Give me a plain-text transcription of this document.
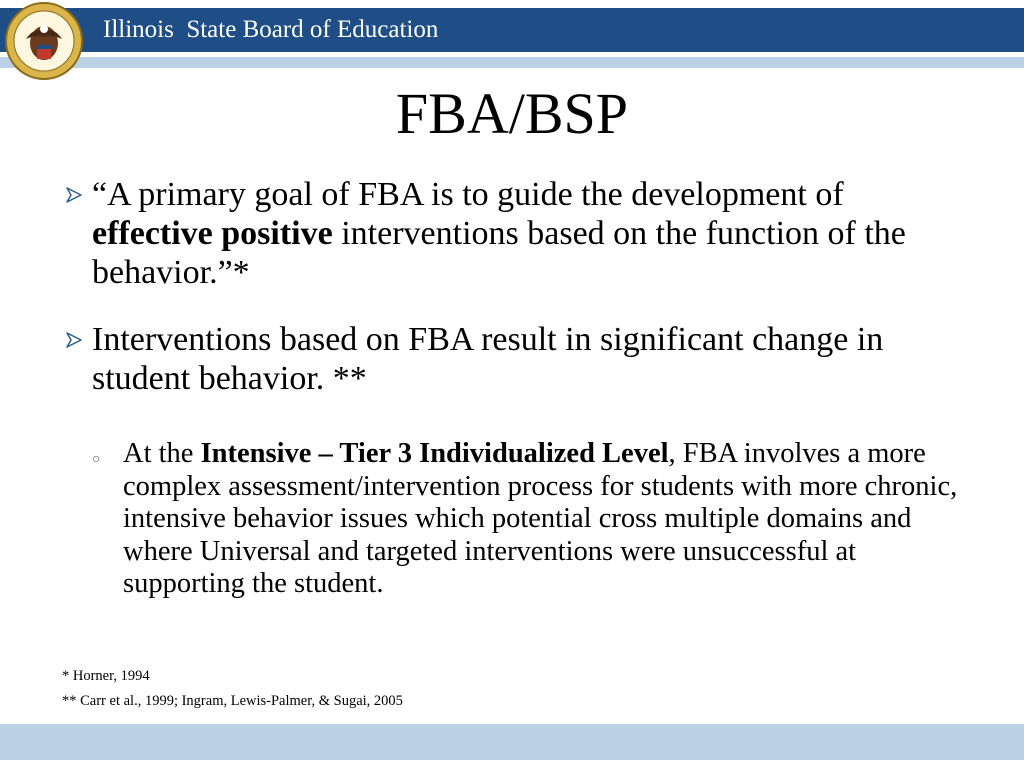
Illinois  State Board of Education
FBA/BSP
“A primary goal of FBA is to guide the development of effective positive interventions based on the function of the behavior.”*
Interventions based on FBA result in significant change in student behavior. **
○ At the Intensive – Tier 3 Individualized Level, FBA involves a more complex assessment/intervention process for students with more chronic, intensive behavior issues which potential cross multiple domains and where Universal and targeted interventions were unsuccessful at supporting the student.
* Horner, 1994
** Carr et al., 1999; Ingram, Lewis-Palmer, & Sugai, 2005
